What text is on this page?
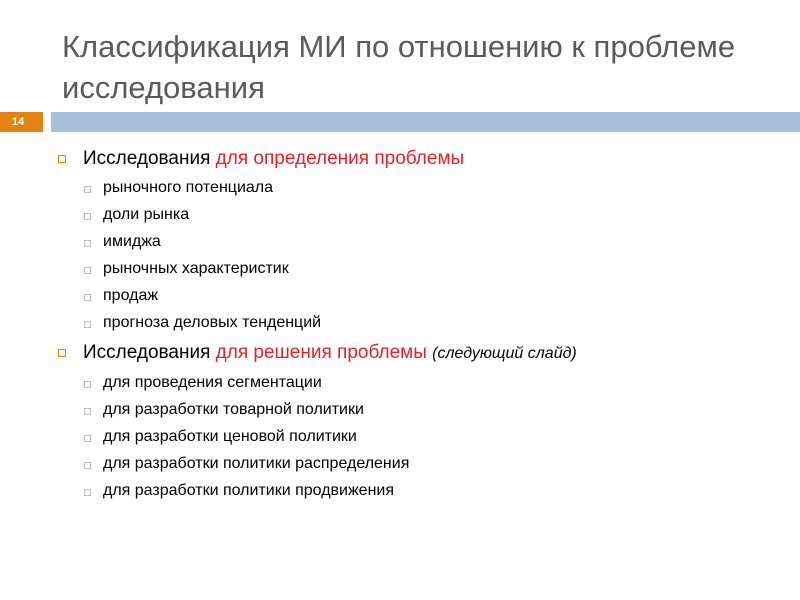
Классификация МИ по отношению к проблеме исследования
14
Исследования для определения проблемы
рыночного потенциала
доли рынка
имиджа
рыночных характеристик
продаж
прогноза деловых тенденций
Исследования для решения проблемы (следующий слайд)
для проведения сегментации
для разработки товарной политики
для разработки ценовой политики
для разработки политики распределения
для разработки политики продвижения
